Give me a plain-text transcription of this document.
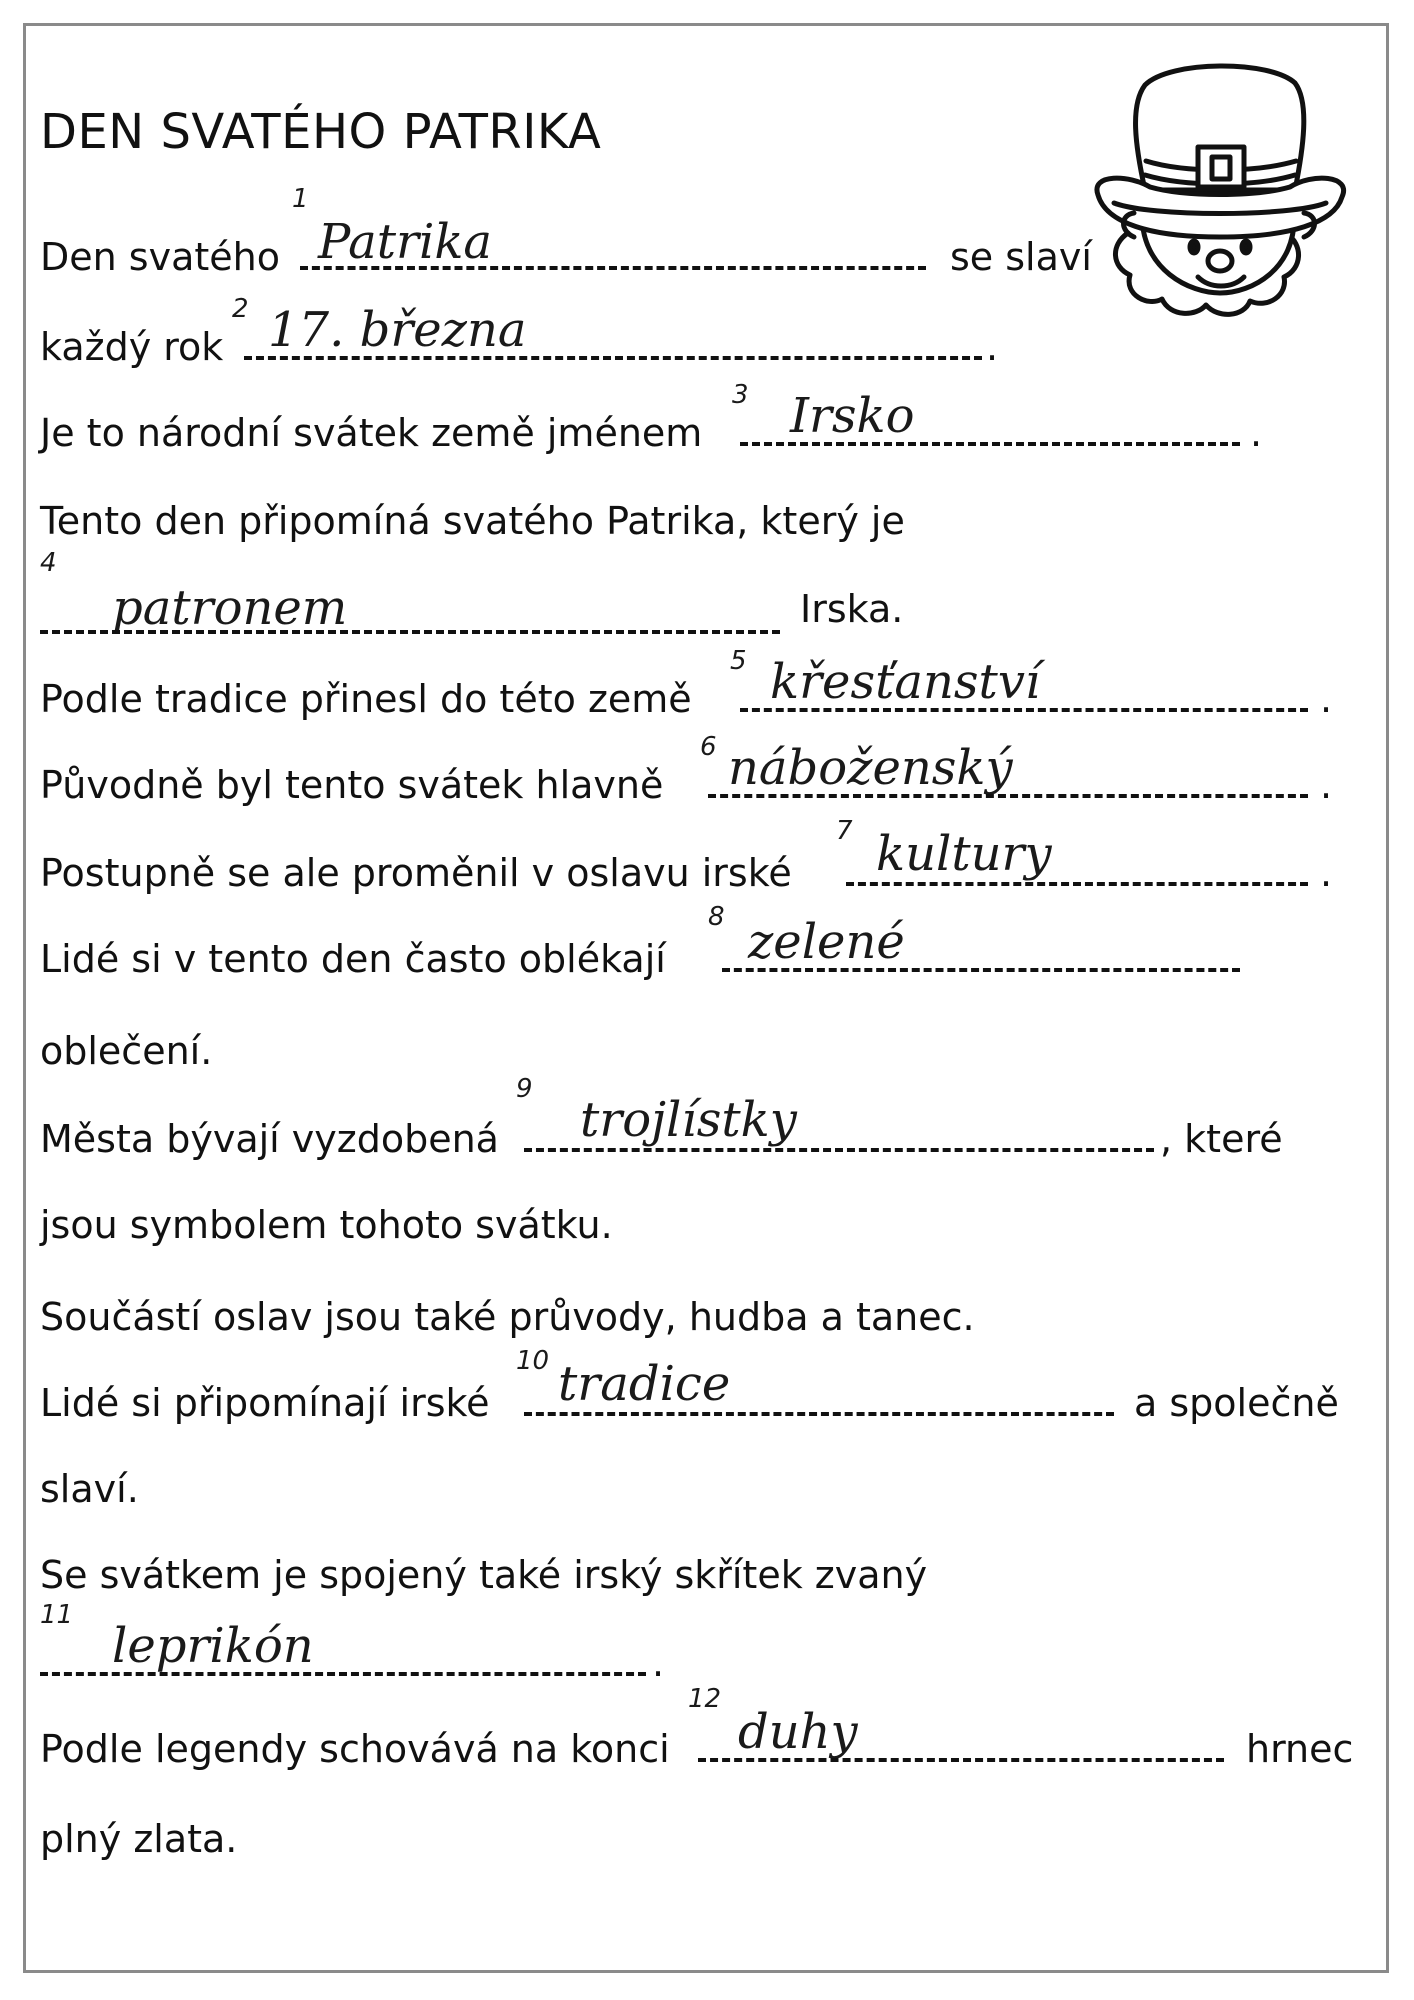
DEN SVATÉHO PATRIKA
Den svatého
1
Patrika	se slaví
každý rok
2 17. března	.
Je to národní svátek země jménem
3 Irsko	.
Tento den připomíná svatého Patrika, který je
4
patronem	Irska.
Podle tradice přinesl do této země
5 křesťanství	.
Původně byl tento svátek hlavně
6 náboženský	.
Postupně se ale proměnil v oslavu irské
7 kultury	.
Lidé si v tento den často oblékají
8 zelené
oblečení.
Města bývají vyzdobená
9
trojlístky	, které
jsou symbolem tohoto svátku.
Součástí oslav jsou také průvody, hudba a tanec.
Lidé si připomínají irské
10 tradice	a společně
slaví.
Se svátkem je spojený také irský skřítek zvaný
11
leprikón	.
Podle legendy schovává na konci
12
duhy	hrnec
plný zlata.
